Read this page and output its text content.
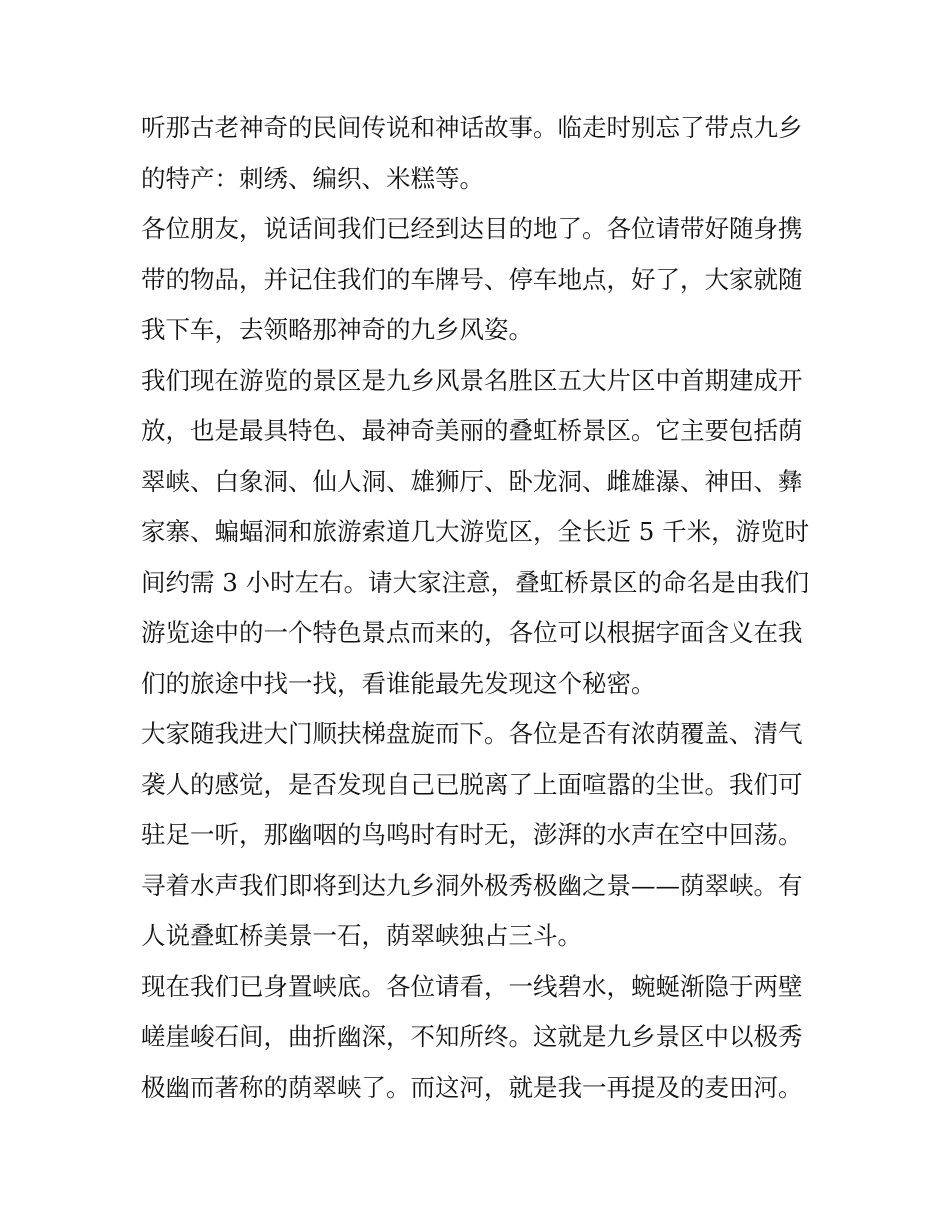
听那古老神奇的民间传说和神话故事。临走时别忘了带点九乡
的特产：刺绣、编织、米糕等。
各位朋友，说话间我们已经到达目的地了。各位请带好随身携
带的物品，并记住我们的车牌号、停车地点，好了，大家就随
我下车，去领略那神奇的九乡风姿。
我们现在游览的景区是九乡风景名胜区五大片区中首期建成开
放，也是最具特色、最神奇美丽的叠虹桥景区。它主要包括荫
翠峡、白象洞、仙人洞、雄狮厅、卧龙洞、雌雄瀑、神田、彝
家寨、蝙蝠洞和旅游索道几大游览区，全长近 5 千米，游览时
间约需 3 小时左右。请大家注意，叠虹桥景区的命名是由我们
游览途中的一个特色景点而来的，各位可以根据字面含义在我
们的旅途中找一找，看谁能最先发现这个秘密。
大家随我进大门顺扶梯盘旋而下。各位是否有浓荫覆盖、清气
袭人的感觉，是否发现自己已脱离了上面喧嚣的尘世。我们可
驻足一听，那幽咽的鸟鸣时有时无，澎湃的水声在空中回荡。
寻着水声我们即将到达九乡洞外极秀极幽之景——荫翠峡。有
人说叠虹桥美景一石，荫翠峡独占三斗。
现在我们已身置峡底。各位请看，一线碧水，蜿蜒渐隐于两壁
嵯崖峻石间，曲折幽深，不知所终。这就是九乡景区中以极秀
极幽而著称的荫翠峡了。而这河，就是我一再提及的麦田河。
